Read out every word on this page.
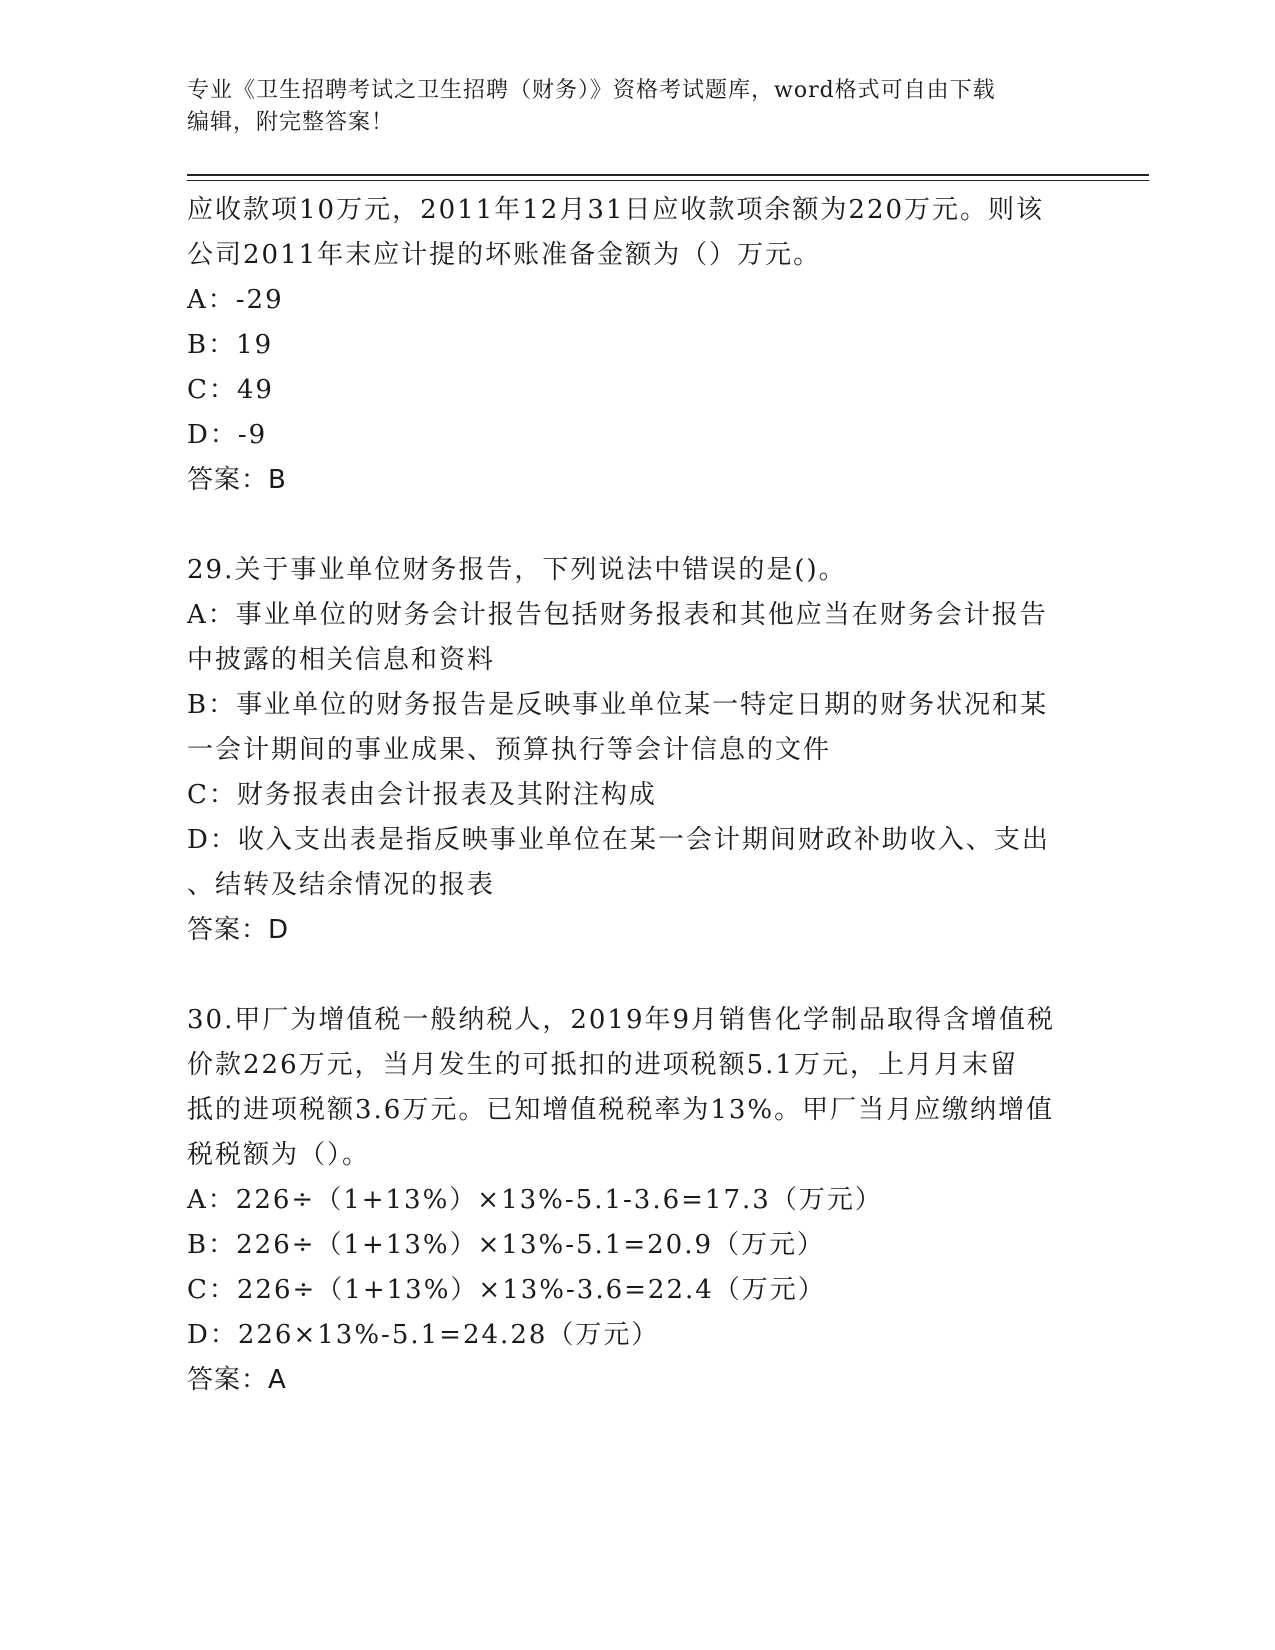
专业《卫生招聘考试之卫生招聘（财务）》资格考试题库，word格式可自由下载
编辑，附完整答案！
应收款项10万元，2011年12月31日应收款项余额为220万元。则该
公司2011年末应计提的坏账准备金额为（）万元。
A：-29
B：19
C：49
D：-9
答案：B
29.关于事业单位财务报告，下列说法中错误的是()。
A：事业单位的财务会计报告包括财务报表和其他应当在财务会计报告
中披露的相关信息和资料
B：事业单位的财务报告是反映事业单位某一特定日期的财务状况和某
一会计期间的事业成果、预算执行等会计信息的文件
C：财务报表由会计报表及其附注构成
D：收入支出表是指反映事业单位在某一会计期间财政补助收入、支出
、结转及结余情况的报表
答案：D
30.甲厂为增值税一般纳税人，2019年9月销售化学制品取得含增值税
价款226万元，当月发生的可抵扣的进项税额5.1万元，上月月末留
抵的进项税额3.6万元。已知增值税税率为13%。甲厂当月应缴纳增值
税税额为（）。
A：226÷（1+13%）×13%-5.1-3.6=17.3（万元）
B：226÷（1+13%）×13%-5.1=20.9（万元）
C：226÷（1+13%）×13%-3.6=22.4（万元）
D：226×13%-5.1=24.28（万元）
答案：A
